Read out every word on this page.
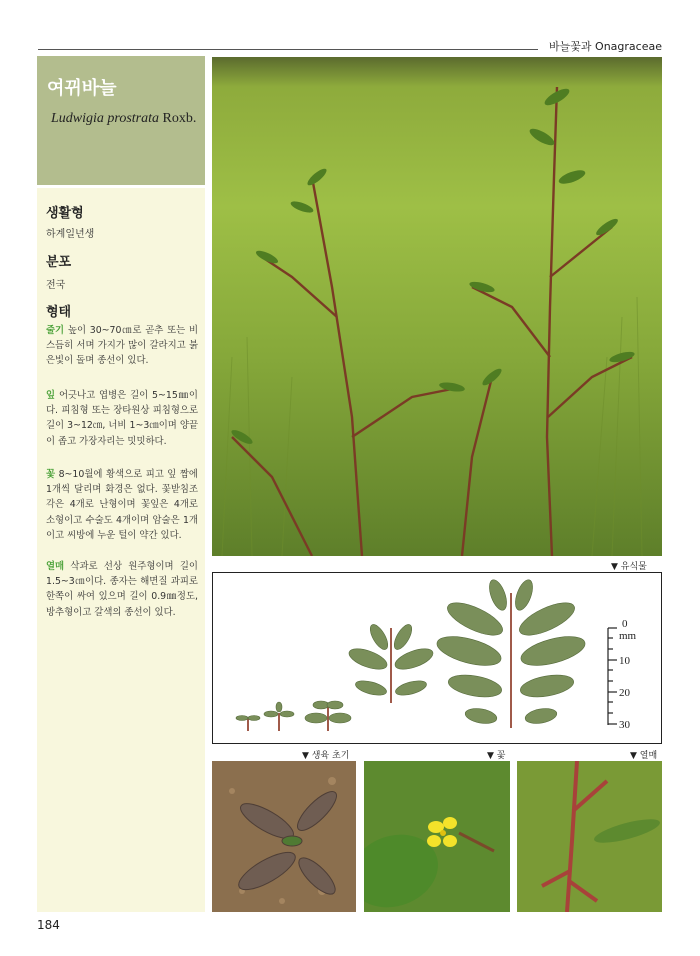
바늘꽃과 Onagraceae
여뀌바늘
Ludwigia prostrata Roxb.
생활형
하계일년생
분포
전국
형태
줄기 높이 30~70㎝로 곧추 또는 비스듬히 서며 가지가 많이 갈라지고 붉은빛이 돌며 종선이 있다.
잎 어긋나고 엽병은 길이 5~15㎜이다. 피침형 또는 장타원상 피침형으로 길이 3~12㎝, 너비 1~3㎝이며 양끝이 좁고 가장자리는 밋밋하다.
꽃 8~10월에 황색으로 피고 잎 짬에 1개씩 달리며 화경은 없다. 꽃받침조각은 4개로 난형이며 꽃잎은 4개로 소형이고 수술도 4개이며 암술은 1개이고 씨방에 누운 털이 약간 있다.
열매 삭과로 선상 원주형이며 길이 1.5~3㎝이다. 종자는 해면질 과피로 한쪽이 싸여 있으며 길이 0.9㎜정도, 방추형이고 갈색의 종선이 있다.
▼ 유식물
0
mm
10
20
30
▼ 생육 초기	▼ 꽃	▼ 열매
184
